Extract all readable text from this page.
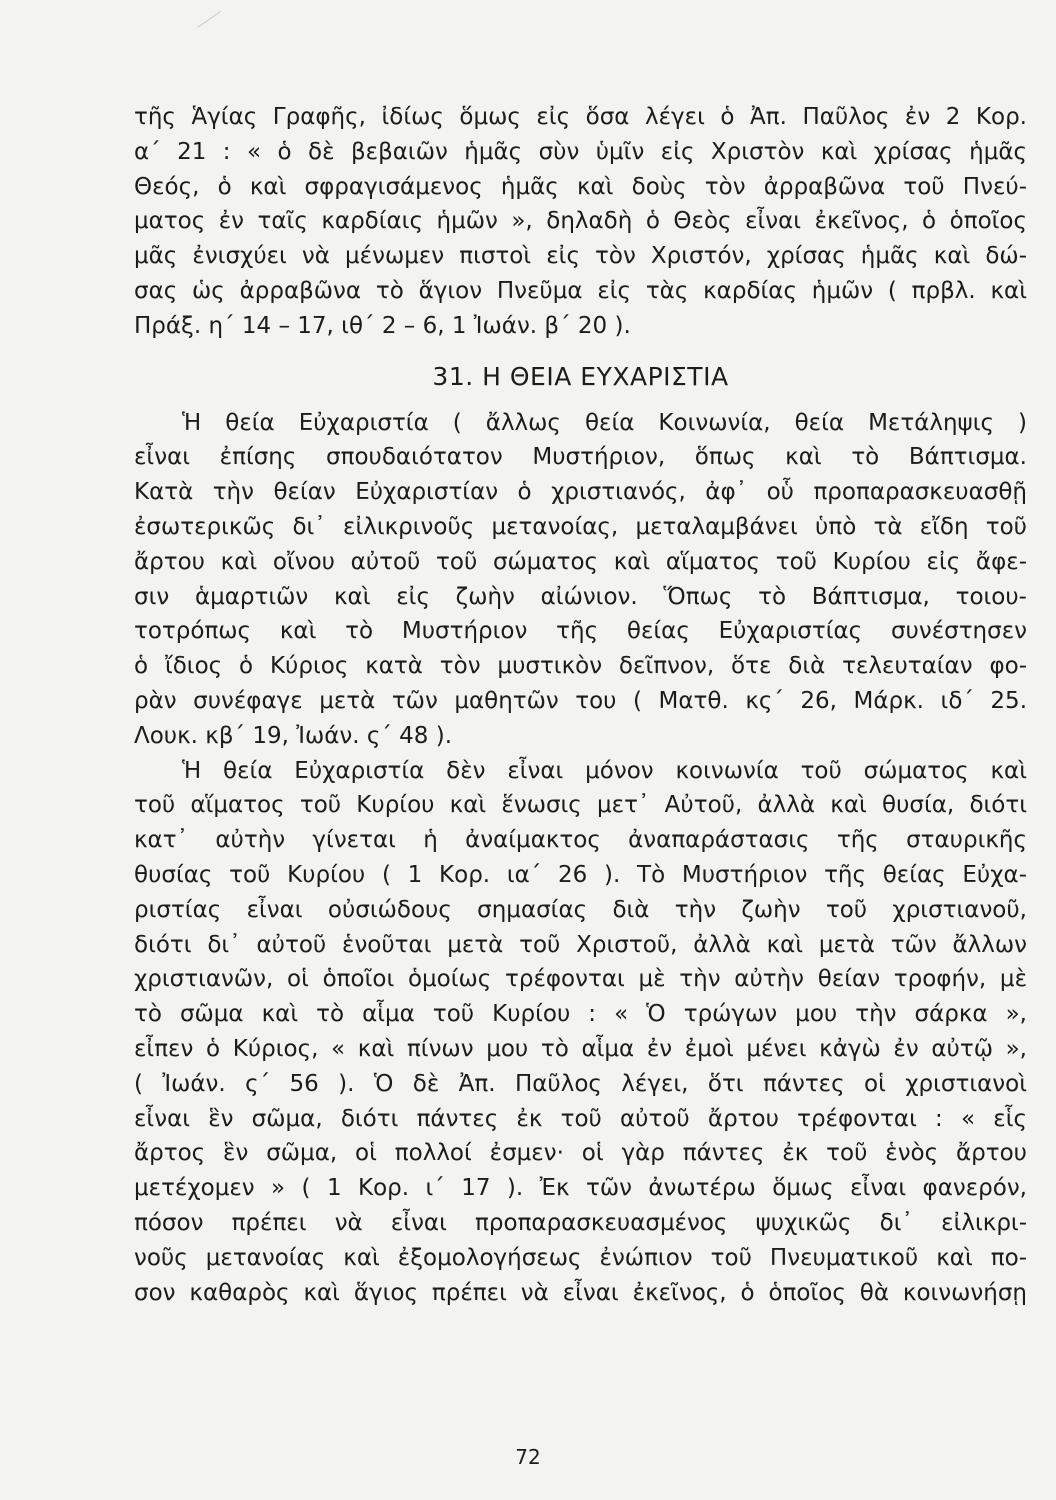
τῆς Ἁγίας Γραφῆς, ἰδίως ὅμως εἰς ὅσα λέγει ὁ Ἀπ. Παῦλος ἐν 2 Κορ.
α΄ 21 : « ὁ δὲ βεβαιῶν ἡμᾶς σὺν ὑμῖν εἰς Χριστὸν καὶ χρίσας ἡμᾶς
Θεός, ὁ καὶ σφραγισάμενος ἡμᾶς καὶ δοὺς τὸν ἀρραβῶνα τοῦ Πνεύ-
ματος ἐν ταῖς καρδίαις ἡμῶν », δηλαδὴ ὁ Θεὸς εἶναι ἐκεῖνος, ὁ ὁποῖος
μᾶς ἐνισχύει νὰ μένωμεν πιστοὶ εἰς τὸν Χριστόν, χρίσας ἡμᾶς καὶ δώ-
σας ὡς ἀρραβῶνα τὸ ἅγιον Πνεῦμα εἰς τὰς καρδίας ἡμῶν ( πρβλ. καὶ
Πράξ. η΄ 14 – 17, ιθ΄ 2 – 6, 1 Ἰωάν. β΄ 20 ).
31. Η ΘΕΙΑ ΕΥΧΑΡΙΣΤΙΑ
Ἡ θεία Εὐχαριστία ( ἄλλως θεία Κοινωνία, θεία Μετάληψις )
εἶναι ἐπίσης σπουδαιότατον Μυστήριον, ὅπως καὶ τὸ Βάπτισμα.
Κατὰ τὴν θείαν Εὐχαριστίαν ὁ χριστιανός, ἀφ᾽ οὗ προπαρασκευασθῇ
ἐσωτερικῶς δι᾽ εἰλικρινοῦς μετανοίας, μεταλαμβάνει ὑπὸ τὰ εἴδη τοῦ
ἄρτου καὶ οἴνου αὐτοῦ τοῦ σώματος καὶ αἵματος τοῦ Κυρίου εἰς ἄφε-
σιν ἁμαρτιῶν καὶ εἰς ζωὴν αἰώνιον. Ὅπως τὸ Βάπτισμα, τοιου-
τοτρόπως καὶ τὸ Μυστήριον τῆς θείας Εὐχαριστίας συνέστησεν
ὁ ἴδιος ὁ Κύριος κατὰ τὸν μυστικὸν δεῖπνον, ὅτε διὰ τελευταίαν φο-
ρὰν συνέφαγε μετὰ τῶν μαθητῶν του ( Ματθ. κς΄ 26, Μάρκ. ιδ΄ 25.
Λουκ. κβ΄ 19, Ἰωάν. ς΄ 48 ).
Ἡ θεία Εὐχαριστία δὲν εἶναι μόνον κοινωνία τοῦ σώματος καὶ
τοῦ αἵματος τοῦ Κυρίου καὶ ἕνωσις μετ᾽ Αὐτοῦ, ἀλλὰ καὶ θυσία, διότι
κατ᾽ αὐτὴν γίνεται ἡ ἀναίμακτος ἀναπαράστασις τῆς σταυρικῆς
θυσίας τοῦ Κυρίου ( 1 Κορ. ια΄ 26 ). Τὸ Μυστήριον τῆς θείας Εὐχα-
ριστίας εἶναι οὐσιώδους σημασίας διὰ τὴν ζωὴν τοῦ χριστιανοῦ,
διότι δι᾽ αὐτοῦ ἑνοῦται μετὰ τοῦ Χριστοῦ, ἀλλὰ καὶ μετὰ τῶν ἄλλων
χριστιανῶν, οἱ ὁποῖοι ὁμοίως τρέφονται μὲ τὴν αὐτὴν θείαν τροφήν, μὲ
τὸ σῶμα καὶ τὸ αἷμα τοῦ Κυρίου : « Ὁ τρώγων μου τὴν σάρκα »,
εἶπεν ὁ Κύριος, « καὶ πίνων μου τὸ αἷμα ἐν ἐμοὶ μένει κἀγὼ ἐν αὐτῷ »,
( Ἰωάν. ς΄ 56 ). Ὁ δὲ Ἀπ. Παῦλος λέγει, ὅτι πάντες οἱ χριστιανοὶ
εἶναι ἓν σῶμα, διότι πάντες ἐκ τοῦ αὐτοῦ ἄρτου τρέφονται : « εἷς
ἄρτος ἓν σῶμα, οἱ πολλοί ἐσμεν· οἱ γὰρ πάντες ἐκ τοῦ ἑνὸς ἄρτου
μετέχομεν » ( 1 Κορ. ι΄ 17 ). Ἐκ τῶν ἀνωτέρω ὅμως εἶναι φανερόν,
πόσον πρέπει νὰ εἶναι προπαρασκευασμένος ψυχικῶς δι᾽ εἰλικρι-
νοῦς μετανοίας καὶ ἐξομολογήσεως ἐνώπιον τοῦ Πνευματικοῦ καὶ πο-
σον καθαρὸς καὶ ἅγιος πρέπει νὰ εἶναι ἐκεῖνος, ὁ ὁποῖος θὰ κοινωνήσῃ
72
